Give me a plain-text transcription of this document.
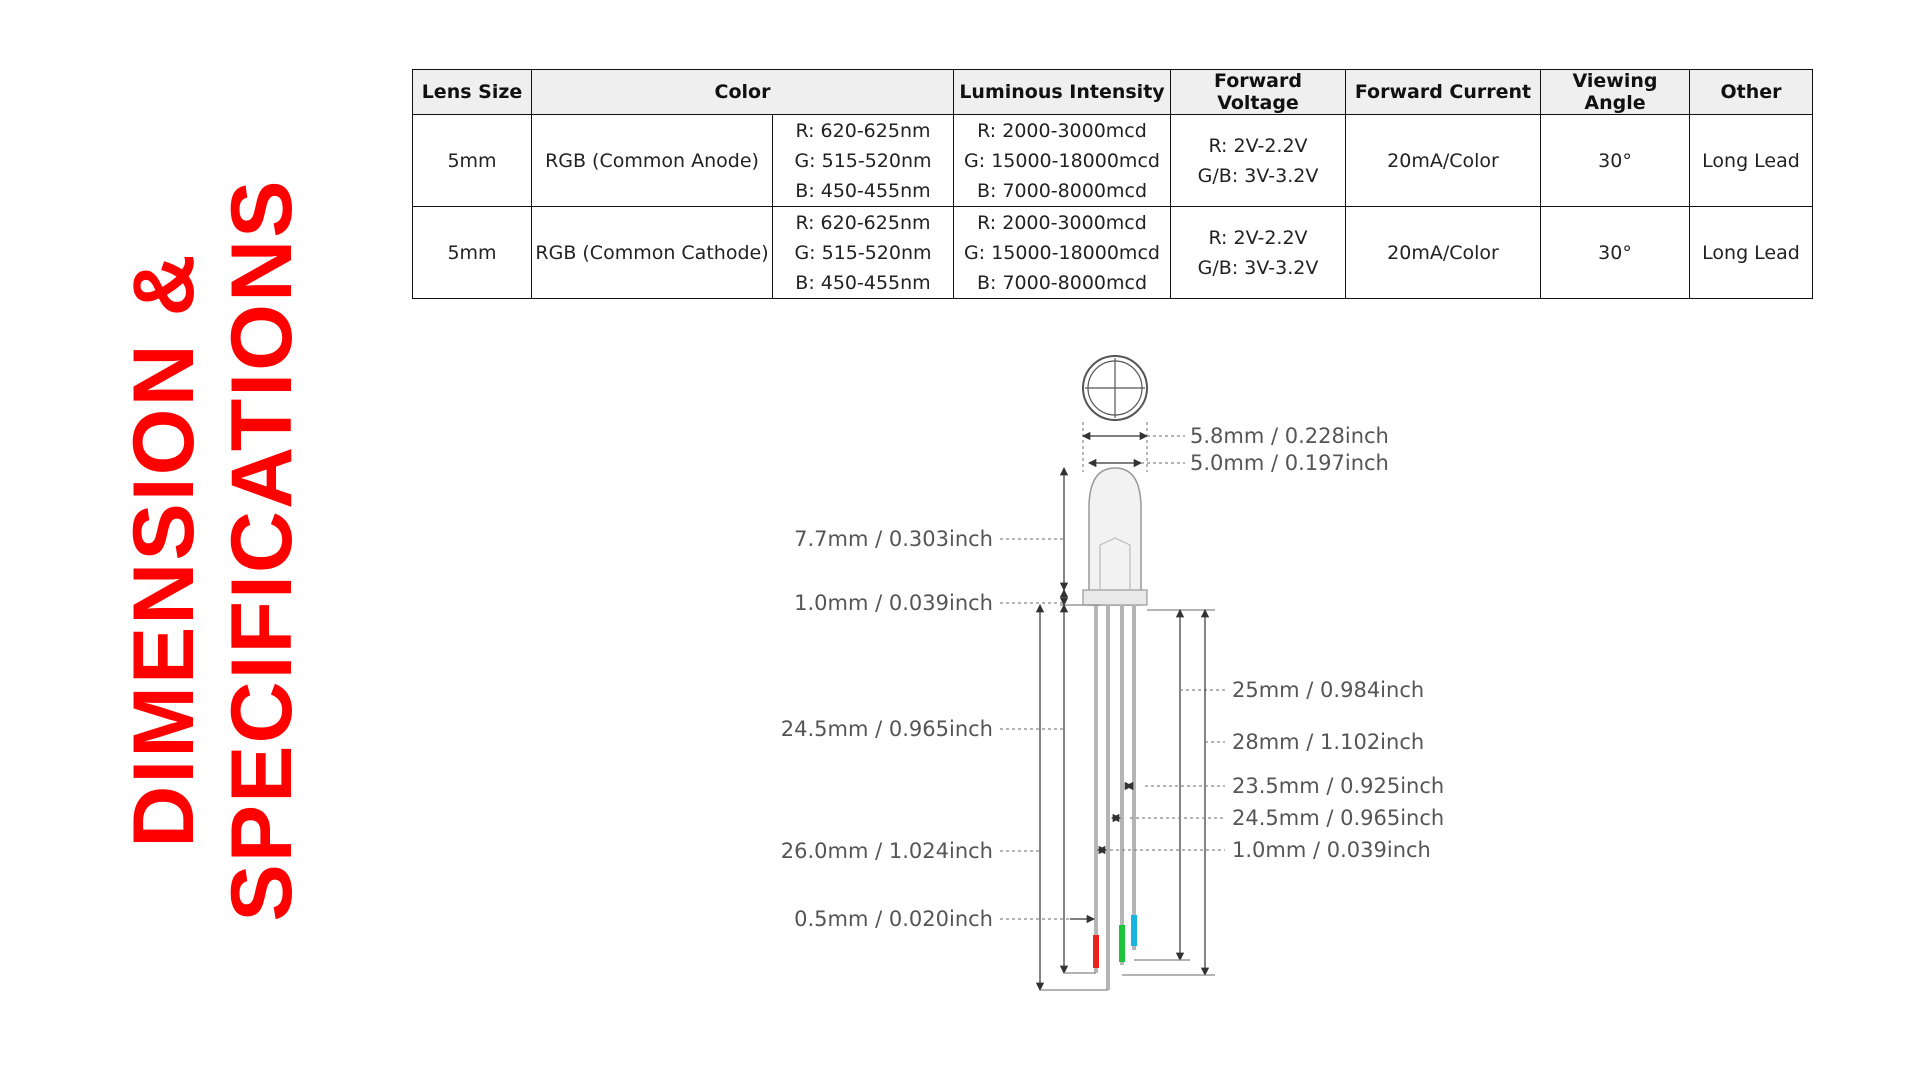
DIMENSION & SPECIFICATIONS
Lens Size	Color		Luminous Intensity	Forward Voltage	Forward Current	Viewing Angle	Other
5mm	RGB (Common Anode)	R: 620-625nm
G: 515-520nm
B: 450-455nm	R: 2000-3000mcd
G: 15000-18000mcd
B: 7000-8000mcd	R: 2V-2.2V
G/B: 3V-3.2V	20mA/Color	30°	Long Lead
5mm	RGB (Common Cathode)	R: 620-625nm
G: 515-520nm
B: 450-455nm	R: 2000-3000mcd
G: 15000-18000mcd
B: 7000-8000mcd	R: 2V-2.2V
G/B: 3V-3.2V	20mA/Color	30°	Long Lead
5.8mm / 0.228inch
5.0mm / 0.197inch
7.7mm / 0.303inch
1.0mm / 0.039inch
24.5mm / 0.965inch
26.0mm / 1.024inch
0.5mm / 0.020inch
25mm / 0.984inch
28mm / 1.102inch
23.5mm / 0.925inch
24.5mm / 0.965inch
1.0mm / 0.039inch
